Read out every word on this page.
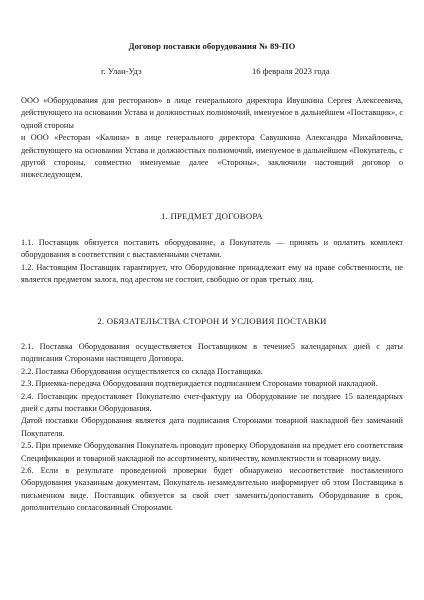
Договор поставки оборудования № 89-ПО
г. Улан-Удэ	16 февраля 2023 года

ООО «Оборудования для ресторанов» в лице генерального директора Ивушкина Сергея Алексеевича, действующего на основании Устава и должностных полномочий, именуемое в дальнейшем «Поставщик», с одной стороны

и ООО «Ресторан «Калина» в лице генерального директора Савушкина Александра Михайловича, действующего на основании Устава и должностных полномочий, именуемое в дальнейшем «Покупатель, с другой стороны, совместно именуемые далее «Стороны», заключили настоящий договор о нижеследующем.

1. ПРЕДМЕТ ДОГОВОРА

1.1. Поставщик обязуется поставить оборудование, а Покупатель — принять и оплатить комплект оборудования в соответствии с выставленными счетами.

1.2. Настоящим Поставщик гарантирует, что Оборудование принадлежит ему на праве собственности, не является предметом залога, под арестом не состоит, свободно от прав третьих лиц.

2. ОБЯЗАТЕЛЬСТВА СТОРОН И УСЛОВИЯ ПОСТАВКИ

2.1. Поставка Оборудования осуществляется Поставщиком в течение5 календарных дней с даты подписания Сторонами настоящего Договора.

2.2. Поставка Оборудования осуществляется со склада Поставщика.

2.3. Приемка-передача Оборудования подтверждается подписанием Сторонами товарной накладной.

2.4. Поставщик предоставляет Покупателю счет-фактуру на Оборудование не позднее 15 календарных дней с даты поставки Оборудования.

Датой поставки Оборудования является дата подписания Сторонами товарной накладной без замечаний Покупателя.

2.5. При приемке Оборудования Покупатель проводит проверку Оборудования на предмет его соответствия Спецификации и товарной накладной по ассортименту, количеству, комплектности и товарному виду.

2.6. Если в результате проведенной проверки будет обнаружено несоответствие поставленного Оборудования указанным документам, Покупатель незамедлительно информирует об этом Поставщика в письменном виде. Поставщик обязуется за свой счет заменить/допоставить Оборудование в срок, дополнительно согласованный Сторонами.
